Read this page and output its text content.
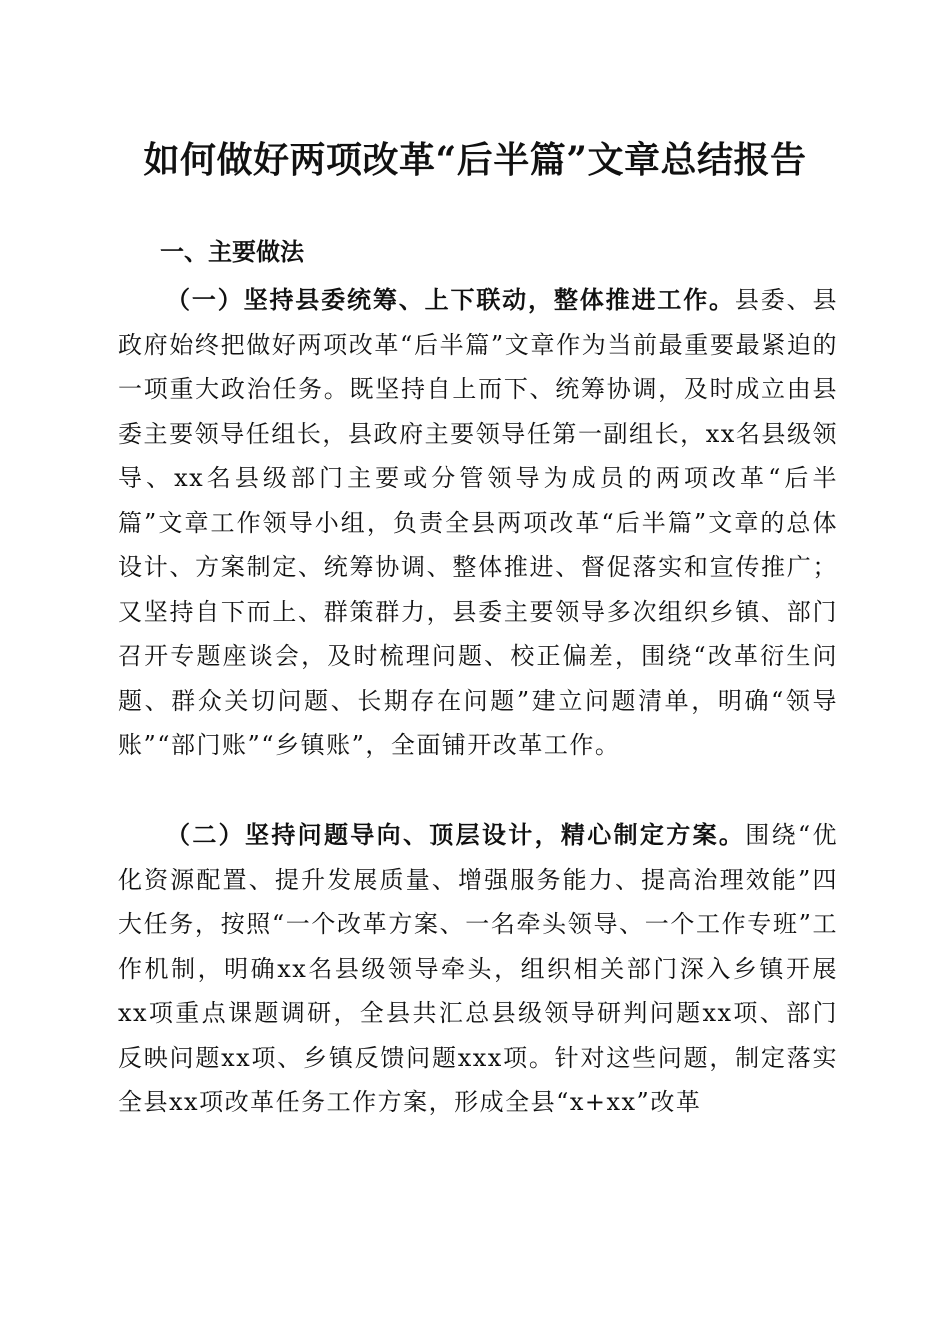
如何做好两项改革“后半篇”文章总结报告
一、主要做法

（一）坚持县委统筹、上下联动，整体推进工作。县委、县政府始终把做好两项改革“后半篇”文章作为当前最重要最紧迫的一项重大政治任务。既坚持自上而下、统筹协调，及时成立由县委主要领导任组长，县政府主要领导任第一副组长，xx名县级领导、xx名县级部门主要或分管领导为成员的两项改革“后半篇”文章工作领导小组，负责全县两项改革“后半篇”文章的总体设计、方案制定、统筹协调、整体推进、督促落实和宣传推广；又坚持自下而上、群策群力，县委主要领导多次组织乡镇、部门召开专题座谈会，及时梳理问题、校正偏差，围绕“改革衍生问题、群众关切问题、长期存在问题”建立问题清单，明确“领导账”“部门账”“乡镇账”，全面铺开改革工作。

（二）坚持问题导向、顶层设计，精心制定方案。围绕“优化资源配置、提升发展质量、增强服务能力、提高治理效能”四大任务，按照“一个改革方案、一名牵头领导、一个工作专班”工作机制，明确xx名县级领导牵头，组织相关部门深入乡镇开展xx项重点课题调研，全县共汇总县级领导研判问题xx项、部门反映问题xx项、乡镇反馈问题xxx项。针对这些问题，制定落实全县xx项改革任务工作方案，形成全县“x+xx”改革
